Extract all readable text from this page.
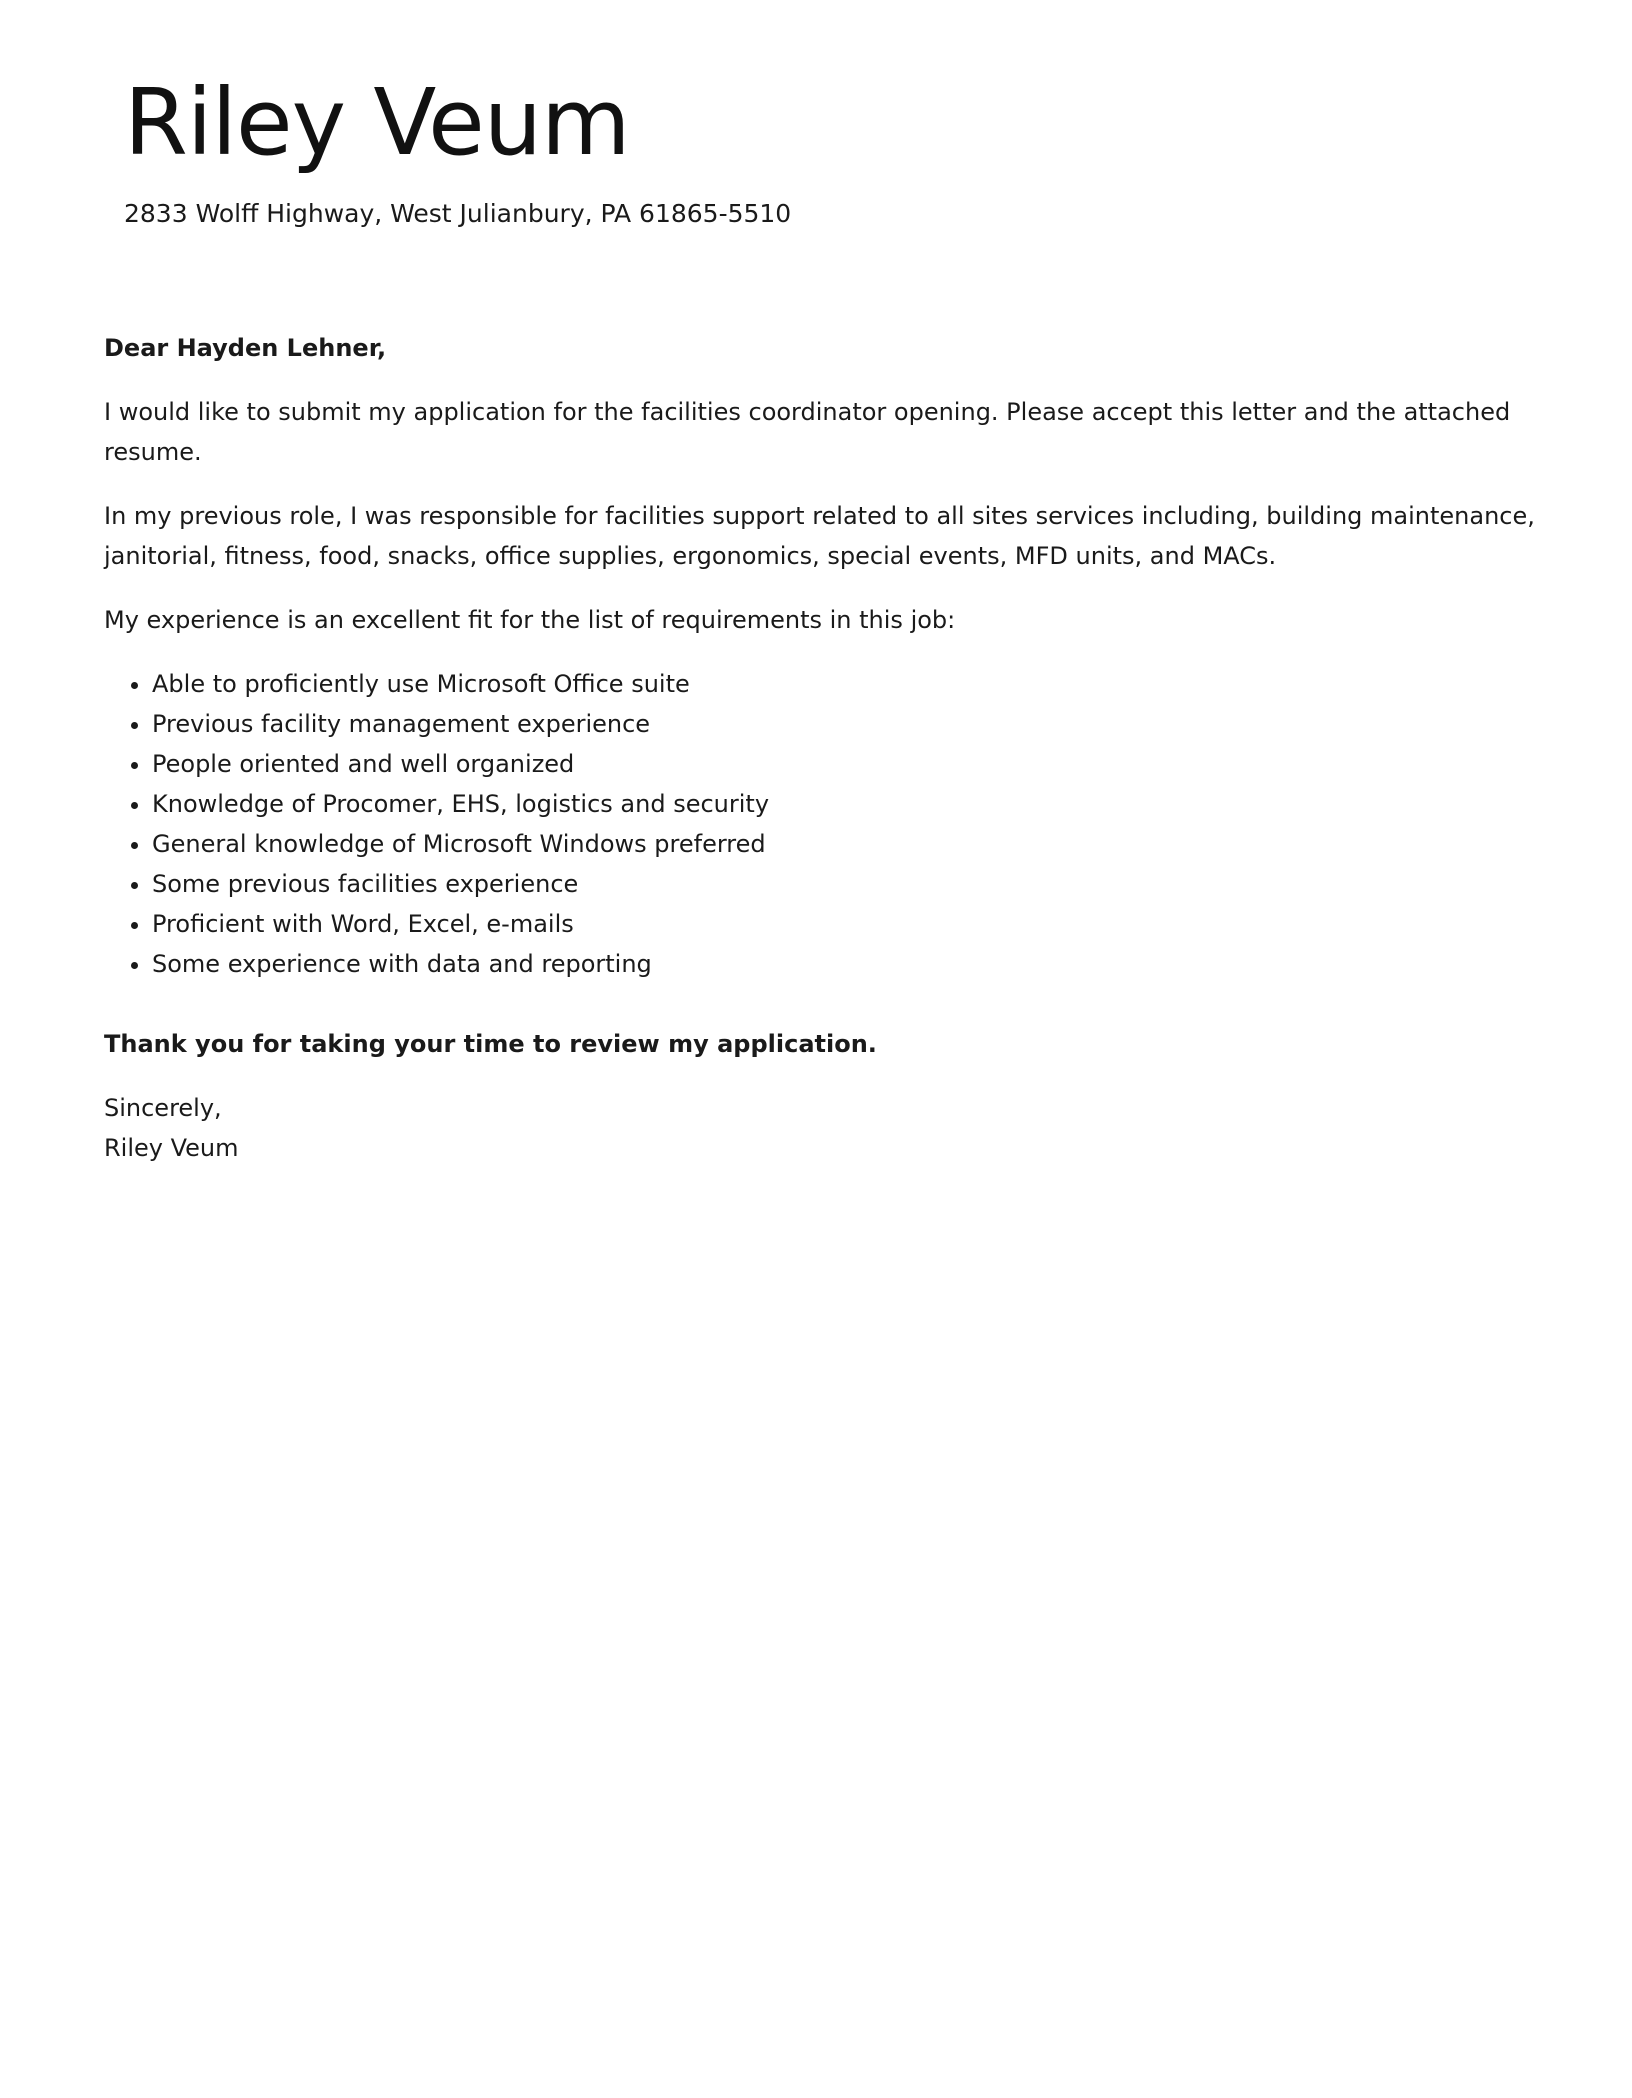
Riley Veum
2833 Wolff Highway, West Julianbury, PA 61865-5510

Dear Hayden Lehner,

I would like to submit my application for the facilities coordinator opening. Please accept this letter and the attached resume.

In my previous role, I was responsible for facilities support related to all sites services including, building maintenance, janitorial, fitness, food, snacks, office supplies, ergonomics, special events, MFD units, and MACs.

My experience is an excellent fit for the list of requirements in this job:

• Able to proficiently use Microsoft Office suite
• Previous facility management experience
• People oriented and well organized
• Knowledge of Procomer, EHS, logistics and security
• General knowledge of Microsoft Windows preferred
• Some previous facilities experience
• Proficient with Word, Excel, e-mails
• Some experience with data and reporting

Thank you for taking your time to review my application.

Sincerely,
Riley Veum
